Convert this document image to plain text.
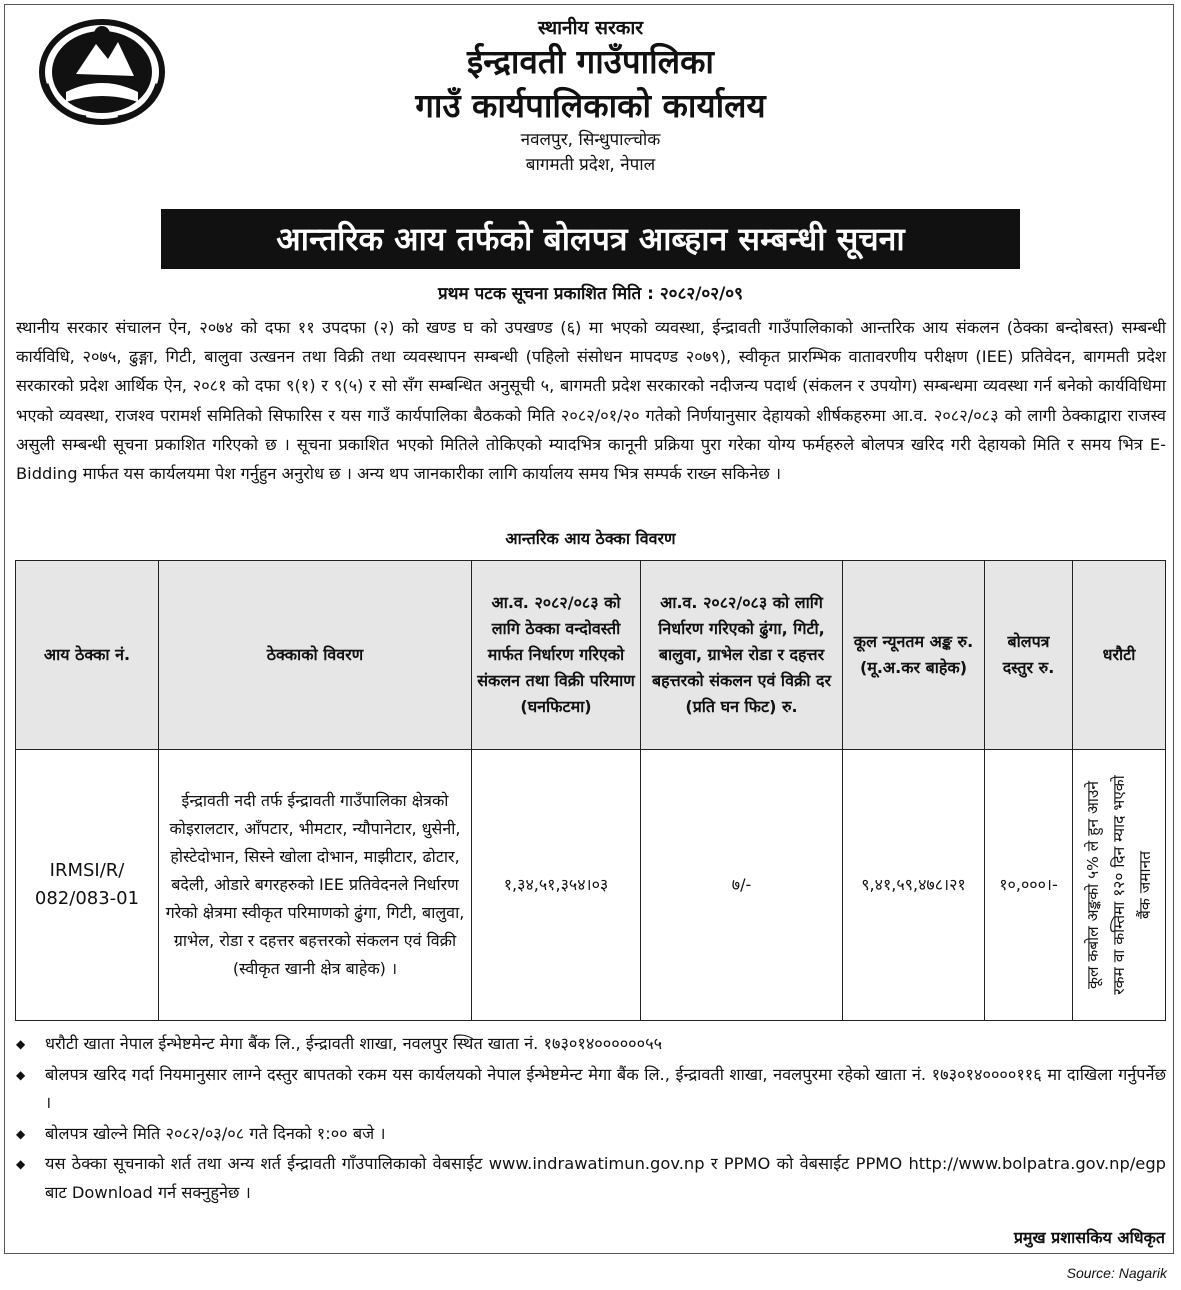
स्थानीय सरकार
ईन्द्रावती गाउँपालिका
गाउँ कार्यपालिकाको कार्यालय
नवलपुर, सिन्धुपाल्चोक
बागमती प्रदेश, नेपाल
आन्तरिक आय तर्फको बोलपत्र आब्हान सम्बन्धी सूचना
प्रथम पटक सूचना प्रकाशित मिति : २०८२/०२/०९
स्थानीय सरकार संचालन ऐन, २०७४ को दफा ११ उपदफा (२) को खण्ड घ को उपखण्ड (६) मा भएको व्यवस्था, ईन्द्रावती गाउँपालिकाको आन्तरिक आय संकलन (ठेक्का बन्दोबस्त) सम्बन्धी कार्यविधि, २०७५, ढुङ्गा, गिटी, बालुवा उत्खनन तथा विक्री तथा व्यवस्थापन सम्बन्धी (पहिलो संसोधन मापदण्ड २०७९), स्वीकृत प्रारम्भिक वातावरणीय परीक्षण (IEE) प्रतिवेदन, बागमती प्रदेश सरकारको प्रदेश आर्थिक ऐन, २०८१ को दफा ९(१) र ९(५) र सो सँग सम्बन्धित अनुसूची ५, बागमती प्रदेश सरकारको नदीजन्य पदार्थ (संकलन र उपयोग) सम्बन्धमा व्यवस्था गर्न बनेको कार्यविधिमा भएको व्यवस्था, राजश्व परामर्श समितिको सिफारिस र यस गाउँ कार्यपालिका बैठकको मिति २०८२/०१/२० गतेको निर्णयानुसार देहायको शीर्षकहरुमा आ.व. २०८२/०८३ को लागी ठेक्काद्वारा राजस्व असुली सम्बन्धी सूचना प्रकाशित गरिएको छ । सूचना प्रकाशित भएको मितिले तोकिएको म्यादभित्र कानूनी प्रक्रिया पुरा गरेका योग्य फर्महरुले बोलपत्र खरिद गरी देहायको मिति र समय भित्र E-Bidding मार्फत यस कार्यलयमा पेश गर्नुहुन अनुरोध छ । अन्य थप जानकारीका लागि कार्यालय समय भित्र सम्पर्क राख्न सकिनेछ ।
आन्तरिक आय ठेक्का विवरण
आय ठेक्का नं.	ठेक्काको विवरण	आ.व. २०८२/०८३ को लागि ठेक्का वन्दोवस्ती मार्फत निर्धारण गरिएको संकलन तथा विक्री परिमाण (घनफिटमा)	आ.व. २०८२/०८३ को लागि निर्धारण गरिएको ढुंगा, गिटी, बालुवा, ग्राभेल रोडा र दहत्तर बहत्तरको संकलन एवं विक्री दर (प्रति घन फिट) रु.	कूल न्यूनतम अङ्क रु. (मू.अ.कर बाहेक)	बोलपत्र दस्तुर रु.	धरौटी
IRMSI/R/ 082/083-01	ईन्द्रावती नदी तर्फ ईन्द्रावती गाउँपालिका क्षेत्रको कोइरालटार, आँपटार, भीमटार, न्यौपानेटार, धुसेनी, होस्टेदोभान, सिस्ने खोला दोभान, माझीटार, ढोटार, बदेली, ओडारे बगरहरुको IEE प्रतिवेदनले निर्धारण गरेको क्षेत्रमा स्वीकृत परिमाणको ढुंगा, गिटी, बालुवा, ग्राभेल, रोडा र दहत्तर बहत्तरको संकलन एवं विक्री (स्वीकृत खानी क्षेत्र बाहेक) ।	१,३४,५१,३५४।०३	७/-	९,४१,५९,४७८।२१	१०,०००।-	कूल कबोल अङ्कको ५% ले हुन आउने रकम वा कम्तिमा १२० दिन म्याद भएको बैंक जमानत
◆	धरौटी खाता नेपाल ईन्भेष्टमेन्ट मेगा बैंक लि., ईन्द्रावती शाखा, नवलपुर स्थित खाता नं. १७३०१४००००००५५
◆	बोलपत्र खरिद गर्दा नियमानुसार लाग्ने दस्तुर बापतको रकम यस कार्यलयको नेपाल ईन्भेष्टमेन्ट मेगा बैंक लि., ईन्द्रावती शाखा, नवलपुरमा रहेको खाता नं. १७३०१४००००११६ मा दाखिला गर्नुपर्नेछ ।
◆	बोलपत्र खोल्ने मिति २०८२/०३/०८ गते दिनको १:०० बजे ।
◆	यस ठेक्का सूचनाको शर्त तथा अन्य शर्त ईन्द्रावती गाँउपालिकाको वेबसाईट www.indrawatimun.gov.np र PPMO को वेबसाईट PPMO http://www.bolpatra.gov.np/egp बाट Download गर्न सक्नुहुनेछ ।
प्रमुख प्रशासकिय अधिकृत
Source: Nagarik
